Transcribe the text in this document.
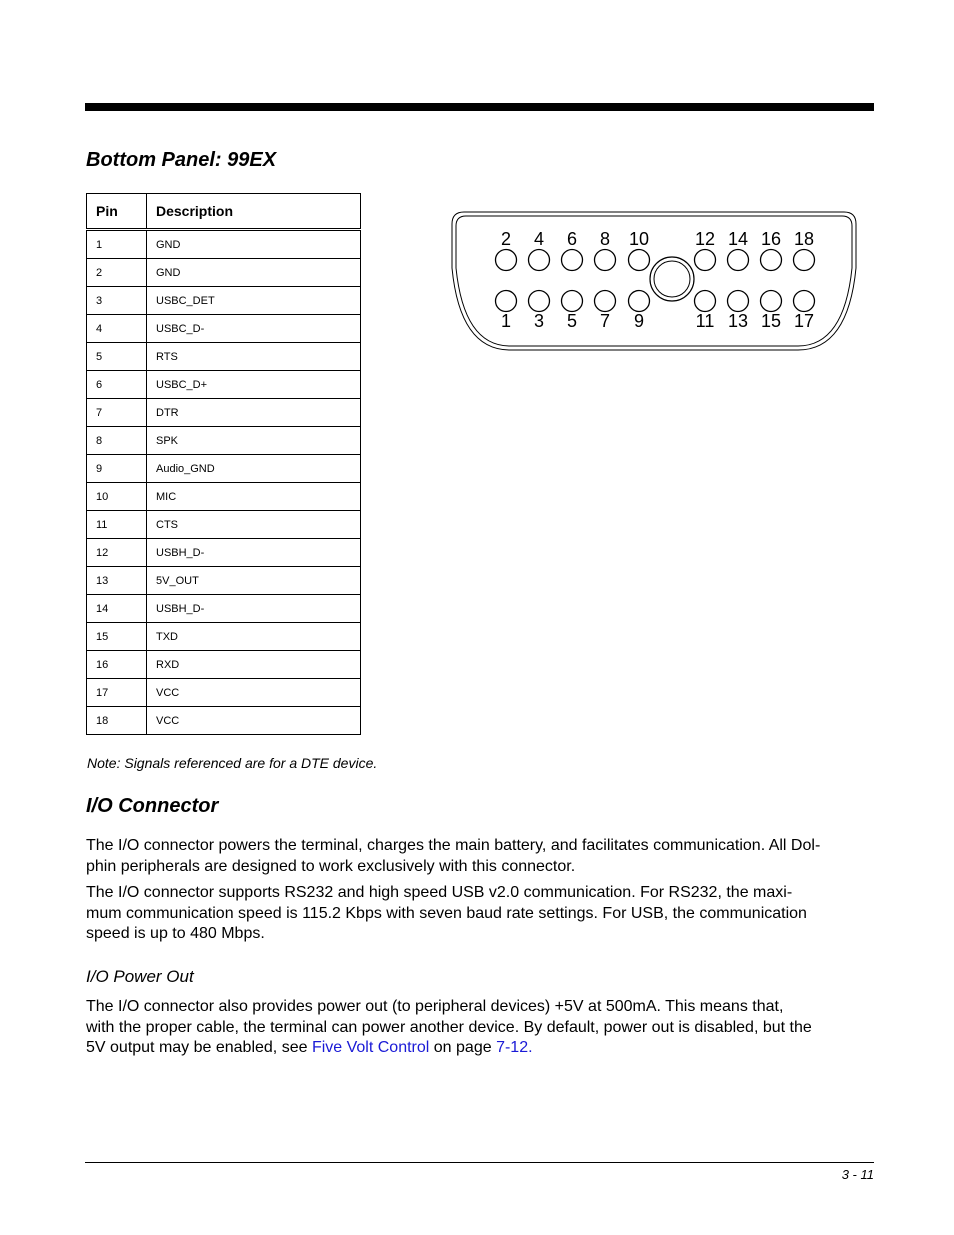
Bottom Panel: 99EX
Pin	Description
1	GND
2	GND
3	USBC_DET
4	USBC_D-
5	RTS
6	USBC_D+
7	DTR
8	SPK
9	Audio_GND
10	MIC
11	CTS
12	USBH_D-
13	5V_OUT
14	USBH_D-
15	TXD
16	RXD
17	VCC
18	VCC
2 4 6 8 10	12 14 16 18
1 3 5 7 9	11 13 15 17

Note: Signals referenced are for a DTE device.

I/O Connector

The I/O connector powers the terminal, charges the main battery, and facilitates communication. All Dol-
phin peripherals are designed to work exclusively with this connector.

The I/O connector supports RS232 and high speed USB v2.0 communication. For RS232, the maxi-
mum communication speed is 115.2 Kbps with seven baud rate settings. For USB, the communication
speed is up to 480 Mbps.

I/O Power Out

The I/O connector also provides power out (to peripheral devices) +5V at 500mA. This means that,
with the proper cable, the terminal can power another device. By default, power out is disabled, but the
5V output may be enabled, see Five Volt Control on page 7-12.

3 - 11
